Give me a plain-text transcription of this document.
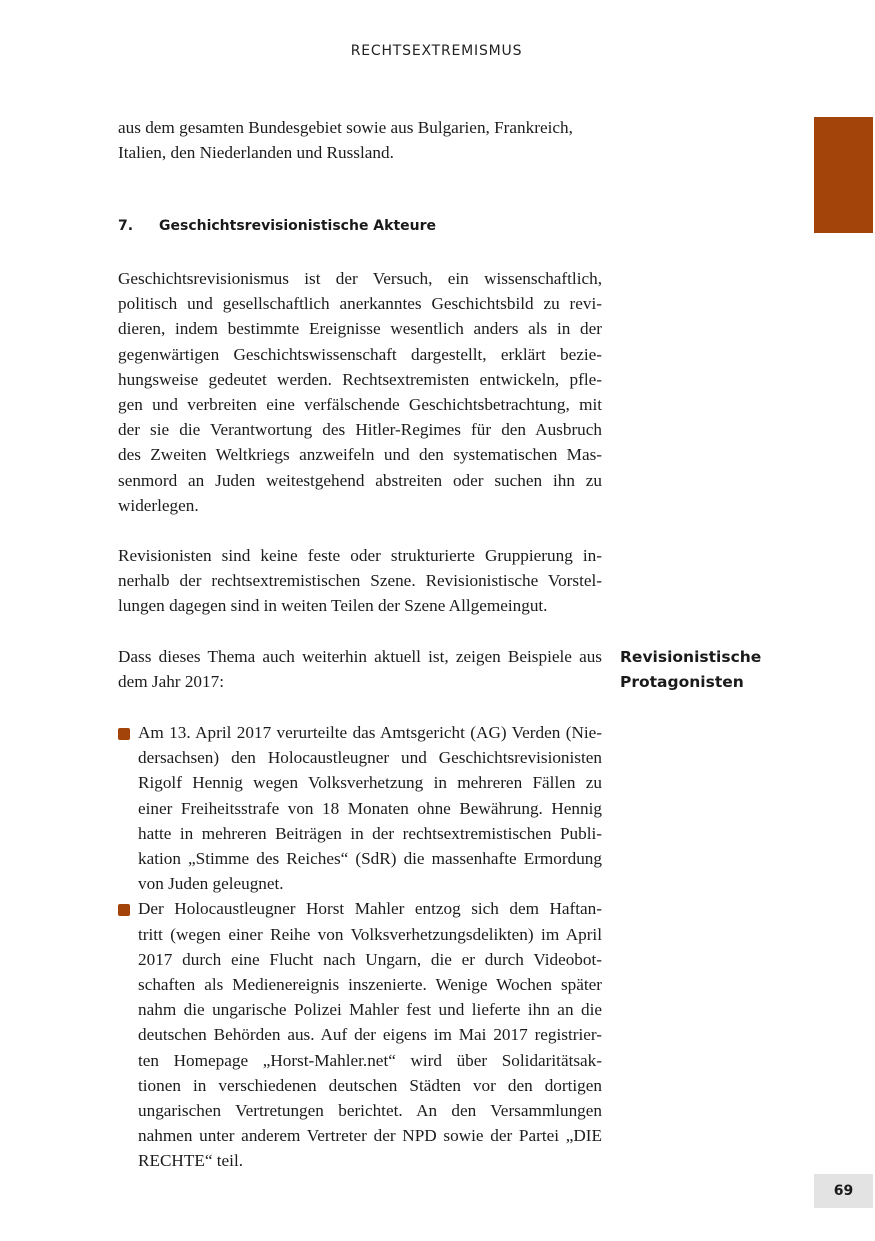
RECHTSEXTREMISMUS
aus dem gesamten Bundesgebiet sowie aus Bulgarien, Frankreich,
Italien, den Niederlanden und Russland.
7. Geschichtsrevisionistische Akteure
Geschichtsrevisionismus ist der Versuch, ein wissenschaftlich,
politisch und gesellschaftlich anerkanntes Geschichtsbild zu revi-
dieren, indem bestimmte Ereignisse wesentlich anders als in der
gegenwärtigen Geschichtswissenschaft dargestellt, erklärt bezie-
hungsweise gedeutet werden. Rechtsextremisten entwickeln, pfle-
gen und verbreiten eine verfälschende Geschichtsbetrachtung, mit
der sie die Verantwortung des Hitler-Regimes für den Ausbruch
des Zweiten Weltkriegs anzweifeln und den systematischen Mas-
senmord an Juden weitestgehend abstreiten oder suchen ihn zu
widerlegen.
Revisionisten sind keine feste oder strukturierte Gruppierung in-
nerhalb der rechtsextremistischen Szene. Revisionistische Vorstel-
lungen dagegen sind in weiten Teilen der Szene Allgemeingut.
Dass dieses Thema auch weiterhin aktuell ist, zeigen Beispiele aus
dem Jahr 2017:
Revisionistische
Protagonisten
Am 13. April 2017 verurteilte das Amtsgericht (AG) Verden (Nie-
dersachsen) den Holocaustleugner und Geschichtsrevisionisten
Rigolf Hennig wegen Volksverhetzung in mehreren Fällen zu
einer Freiheitsstrafe von 18 Monaten ohne Bewährung. Hennig
hatte in mehreren Beiträgen in der rechtsextremistischen Publi-
kation „Stimme des Reiches“ (SdR) die massenhafte Ermordung
von Juden geleugnet.
Der Holocaustleugner Horst Mahler entzog sich dem Haftan-
tritt (wegen einer Reihe von Volksverhetzungsdelikten) im April
2017 durch eine Flucht nach Ungarn, die er durch Videobot-
schaften als Medienereignis inszenierte. Wenige Wochen später
nahm die ungarische Polizei Mahler fest und lieferte ihn an die
deutschen Behörden aus. Auf der eigens im Mai 2017 registrier-
ten Homepage „Horst-Mahler.net“ wird über Solidaritätsak-
tionen in verschiedenen deutschen Städten vor den dortigen
ungarischen Vertretungen berichtet. An den Versammlungen
nahmen unter anderem Vertreter der NPD sowie der Partei „DIE
RECHTE“ teil.
69
